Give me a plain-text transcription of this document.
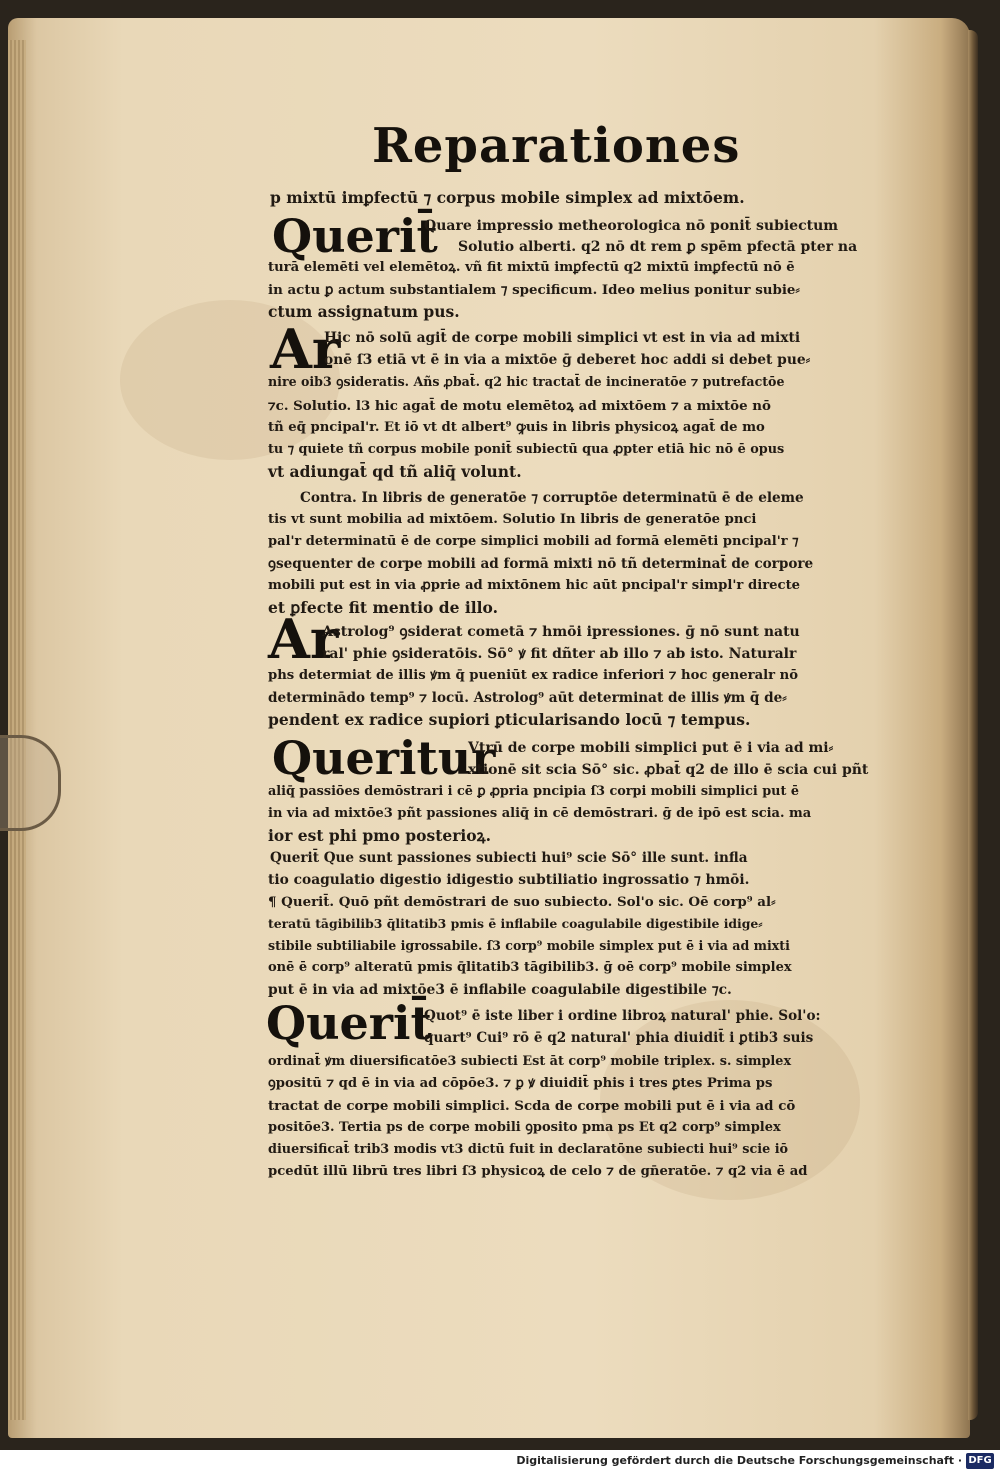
Reparationes
Querit̄
Ar
Ar
Queritur
Querit̄
p mixtū imꝑfectū ⁊ corpus mobile simplex ad mixtōem.
Quare impressio metheorologica nō ponit̄ subiectum
Solutio alberti. q2 nō dt rem ꝑ spēm pfectā pter na
turā elemēti vel elemētoꝝ. vñ fit mixtū imꝑfectū q2 mixtū imꝑfectū nō ē
in actu ꝑ actum substantialem ⁊ specificum. Ideo melius ponitur subie⸗
ctum assignatum pus.
Hic nō solū agit̄ de corpe mobili simplici vt est in via ad mixti
onē ſ3 etiā vt ē in via a mixtōe ḡ deberet hoc addi si debet pue⸗
nire oib3 ꝯsideratis. Añs ꝓbat̄. q2 hic tractat̄ de incineratōe ⁊ putrefactōe
⁊c. Solutio. l3 hic agat̄ de motu elemētoꝝ ad mixtōem ⁊ a mixtōe nō
tñ eq̄ pncipal'r. Et iō vt dt albert⁹ ꝙuis in libris physicoꝝ agat̄ de mo
tu ⁊ quiete tñ corpus mobile ponit̄ subiectū qua ꝓpter etiā hic nō ē opus
vt adiungat̄ qd tñ aliq̄ volunt.
Contra. In libris de generatōe ⁊ corruptōe determinatū ē de eleme
tis vt sunt mobilia ad mixtōem. Solutio In libris de generatōe pnci
pal'r determinatū ē de corpe simplici mobili ad formā elemēti pncipal'r ⁊
ꝯsequenter de corpe mobili ad formā mixti nō tñ determinat̄ de corpore
mobili put est in via ꝓprie ad mixtōnem hic aūt pncipal'r simpl'r directe
et ꝑfecte fit mentio de illo.
Astrolog⁹ ꝯsiderat cometā ⁊ hmōi ipressiones. ḡ nō sunt natu
ral' phie ꝯsideratōis. Sō° ꝟ fit dñter ab illo ⁊ ab isto. Naturalr
phs determiat de illis ꝟm q̄ pueniūt ex radice inferiori ⁊ hoc generalr nō
determinādo temp⁹ ⁊ locū. Astrolog⁹ aūt determinat de illis ꝟm q̄ de⸗
pendent ex radice supiori ꝑticularisando locū ⁊ tempus.
Vtrū de corpe mobili simplici put ē i via ad mi⸗
xtionē sit scia Sō° sic. ꝓbat̄ q2 de illo ē scia cui pñt
aliq̄ passiōes demōstrari i cē ꝑ ꝓpria pncipia ſ3 corpi mobili simplici put ē
in via ad mixtōe3 pñt passiones aliq̄ in cē demōstrari. ḡ de ipō est scia. ma
ior est phi pmo posterioꝝ.
Querit̄ Que sunt passiones subiecti hui⁹ scie Sō° ille sunt. infla
tio coagulatio digestio idigestio subtiliatio ingrossatio ⁊ hmōi.
¶ Querit̄. Quō pñt demōstrari de suo subiecto. Sol'o sic. Oē corp⁹ al⸗
teratū tāgibilib3 q̄litatib3 pmis ē inflabile coagulabile digestibile idige⸗
stibile subtiliabile igrossabile. ſ3 corp⁹ mobile simplex put ē i via ad mixti
onē ē corp⁹ alteratū pmis q̄litatib3 tāgibilib3. ḡ oē corp⁹ mobile simplex
put ē in via ad mixtōe3 ē inflabile coagulabile digestibile ⁊c.
Quot⁹ ē iste liber i ordine libroꝝ natural' phie. Sol'o:
quart⁹ Cui⁹ rō ē q2 natural' phia diuidit̄ i ꝑtib3 suis
ordinat̄ ꝟm diuersificatōe3 subiecti Est āt corp⁹ mobile triplex. s. simplex
ꝯpositū ⁊ qd ē in via ad cōpōe3. ⁊ ꝑ ꝟ diuidit̄ phis i tres ꝑtes Prima ps
tractat de corpe mobili simplici. Scda de corpe mobili put ē i via ad cō
positōe3. Tertia ps de corpe mobili ꝯposito pma ps Et q2 corp⁹ simplex
diuersificat̄ trib3 modis vt3 dictū fuit in declaratōne subiecti hui⁹ scie iō
pcedūt illū librū tres libri ſ3 physicoꝝ de celo ⁊ de gn̄eratōe. ⁊ q2 via ē ad
Digitalisierung gefördert durch die Deutsche Forschungsgemeinschaft · DFG
